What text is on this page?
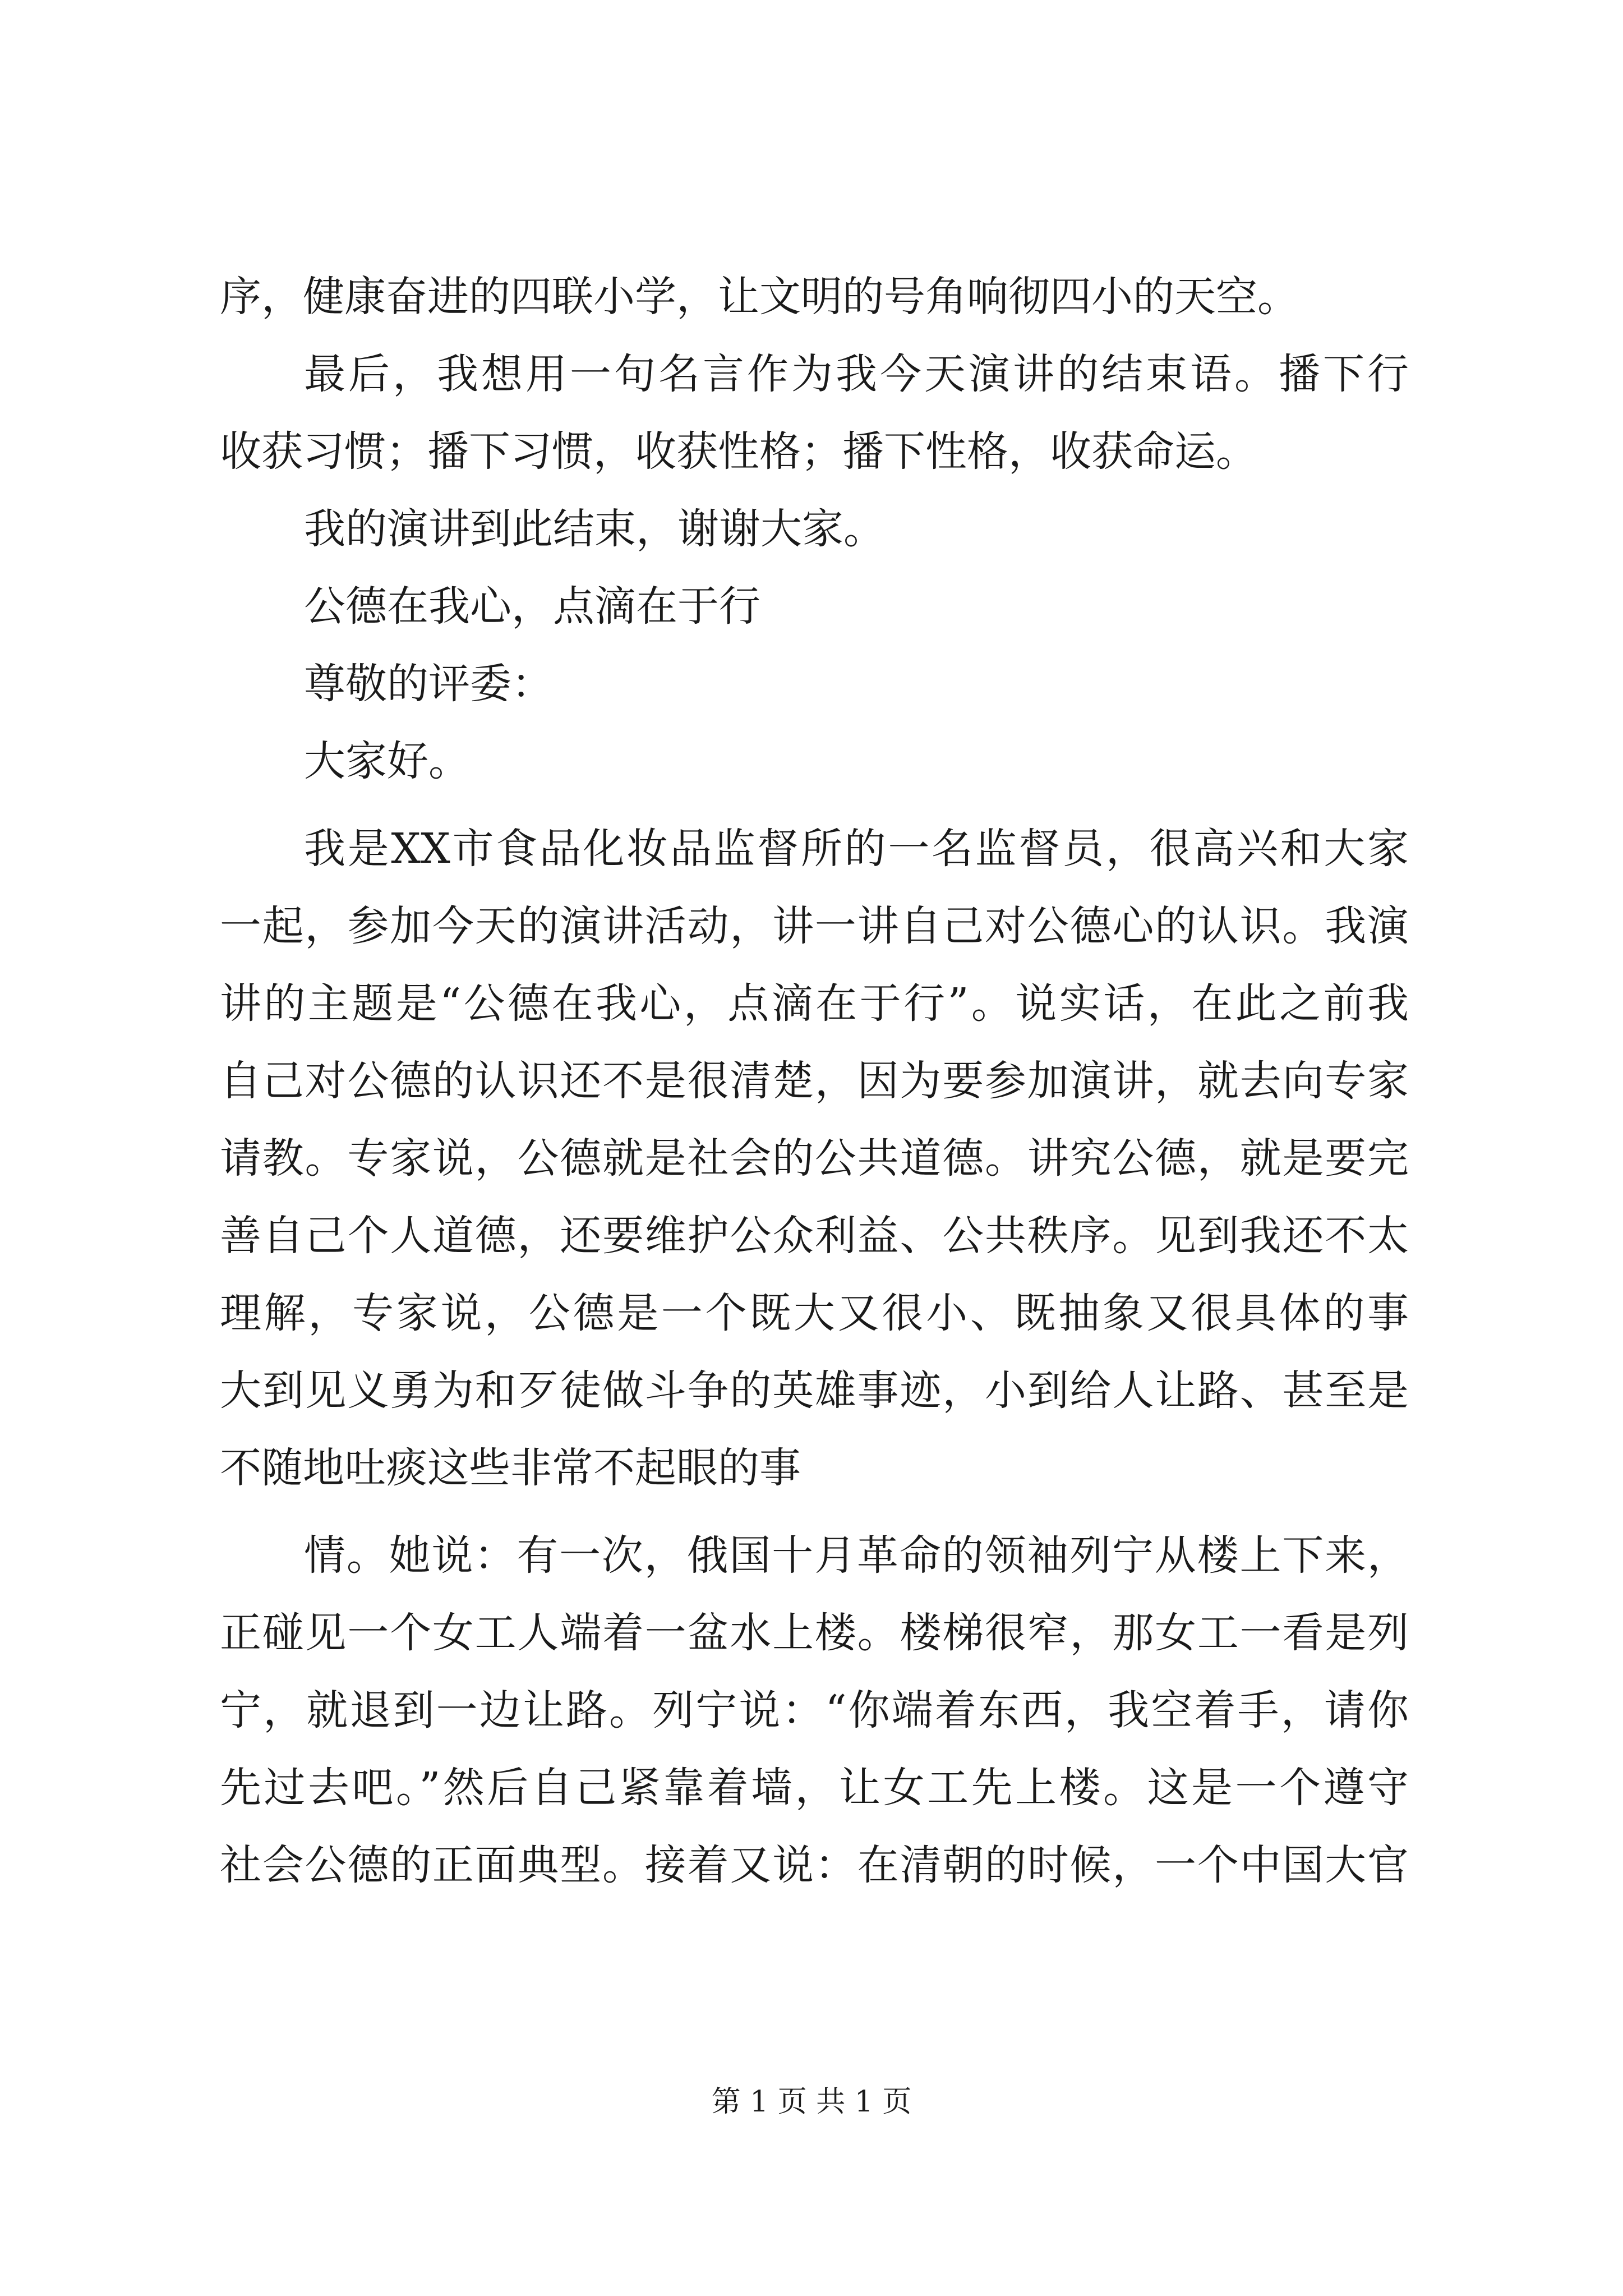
序，健康奋进的四联小学，让文明的号角响彻四小的天空。
最后，我想用一句名言作为我今天演讲的结束语。播下行
收获习惯；播下习惯，收获性格；播下性格，收获命运。
我的演讲到此结束，谢谢大家。
公德在我心，点滴在于行
尊敬的评委：
大家好。
我是XX市食品化妆品监督所的一名监督员，很高兴和大家
一起，参加今天的演讲活动，讲一讲自己对公德心的认识。我演
讲的主题是“公德在我心，点滴在于行”。说实话，在此之前我
自己对公德的认识还不是很清楚，因为要参加演讲，就去向专家
请教。专家说，公德就是社会的公共道德。讲究公德，就是要完
善自己个人道德，还要维护公众利益、公共秩序。见到我还不太
理解，专家说，公德是一个既大又很小、既抽象又很具体的事
大到见义勇为和歹徒做斗争的英雄事迹，小到给人让路、甚至是
不随地吐痰这些非常不起眼的事
情。她说：有一次，俄国十月革命的领袖列宁从楼上下来，
正碰见一个女工人端着一盆水上楼。楼梯很窄，那女工一看是列
宁，就退到一边让路。列宁说：“你端着东西，我空着手，请你
先过去吧。”然后自己紧靠着墙，让女工先上楼。这是一个遵守
社会公德的正面典型。接着又说：在清朝的时候，一个中国大官
第 1 页 共 1 页
